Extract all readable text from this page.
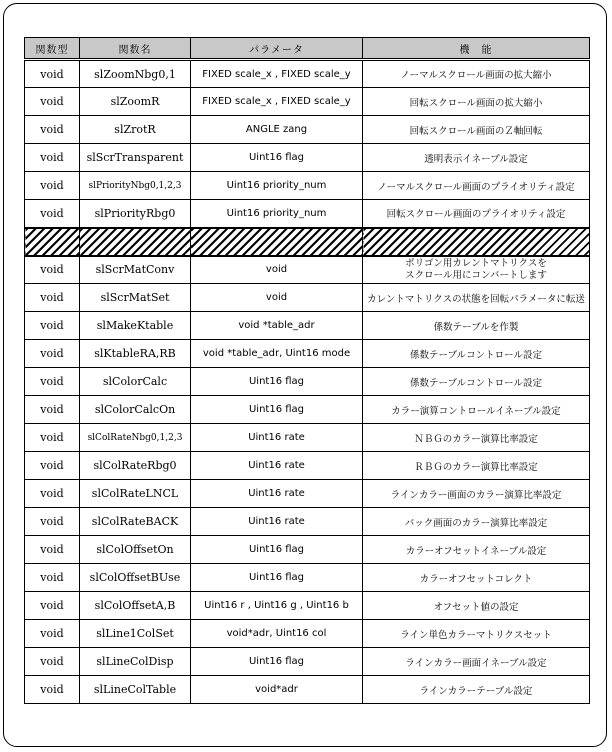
関数型	関数名	パラメータ	機　能
void	slZoomNbg0,1	FIXED scale_x , FIXED scale_y	ノーマルスクロール画面の拡大縮小
void	slZoomR	FIXED scale_x , FIXED scale_y	回転スクロール画面の拡大縮小
void	slZrotR	ANGLE zang	回転スクロール画面のＺ軸回転
void	slScrTransparent	Uint16 flag	透明表示イネーブル設定
void	slPriorityNbg0,1,2,3	Uint16 priority_num	ノーマルスクロール画面のプライオリティ設定
void	slPriorityRbg0	Uint16 priority_num	回転スクロール画面のプライオリティ設定

void	slScrMatConv	void	ポリゴン用カレントマトリクスを
スクロール用にコンバートします

void	slScrMatSet	void	カレントマトリクスの状態を回転パラメータに転送
void	slMakeKtable	void *table_adr	係数テーブルを作製
void	slKtableRA,RB	void *table_adr, Uint16 mode	係数テーブルコントロール設定
void	slColorCalc	Uint16 flag	係数テーブルコントロール設定
void	slColorCalcOn	Uint16 flag	カラー演算コントロールイネーブル設定
void	slColRateNbg0,1,2,3	Uint16 rate	ＮＢＧのカラー演算比率設定
void	slColRateRbg0	Uint16 rate	ＲＢＧのカラー演算比率設定
void	slColRateLNCL	Uint16 rate	ラインカラー画面のカラー演算比率設定
void	slColRateBACK	Uint16 rate	バック画面のカラー演算比率設定
void	slColOffsetOn	Uint16 flag	カラーオフセットイネーブル設定
void	slColOffsetBUse	Uint16 flag	カラーオフセットコレクト
void	slColOffsetA,B	Uint16 r , Uint16 g , Uint16 b	オフセット値の設定
void	slLine1ColSet	void*adr, Uint16 col	ライン単色カラーマトリクスセット
void	slLineColDisp	Uint16 flag	ラインカラー画面イネーブル設定
void	slLineColTable	void*adr	ラインカラーテーブル設定
